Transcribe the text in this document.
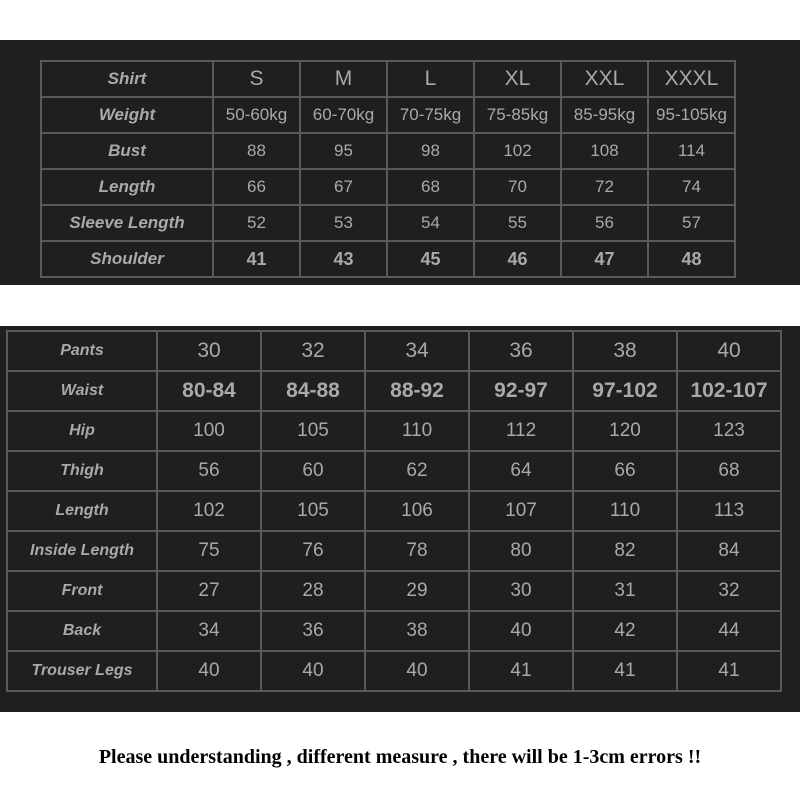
Shirt	S	M	L	XL	XXL	XXXL
Weight	50-60kg	60-70kg	70-75kg	75-85kg	85-95kg	95-105kg
Bust	88	95	98	102	108	114
Length	66	67	68	70	72	74
Sleeve Length	52	53	54	55	56	57
Shoulder	41	43	45	46	47	48
Pants	30	32	34	36	38	40
Waist	80-84	84-88	88-92	92-97	97-102	102-107
Hip	100	105	110	112	120	123
Thigh	56	60	62	64	66	68
Length	102	105	106	107	110	113
Inside Length	75	76	78	80	82	84
Front	27	28	29	30	31	32
Back	34	36	38	40	42	44
Trouser Legs	40	40	40	41	41	41
Please understanding , different measure , there will be 1-3cm errors !!
